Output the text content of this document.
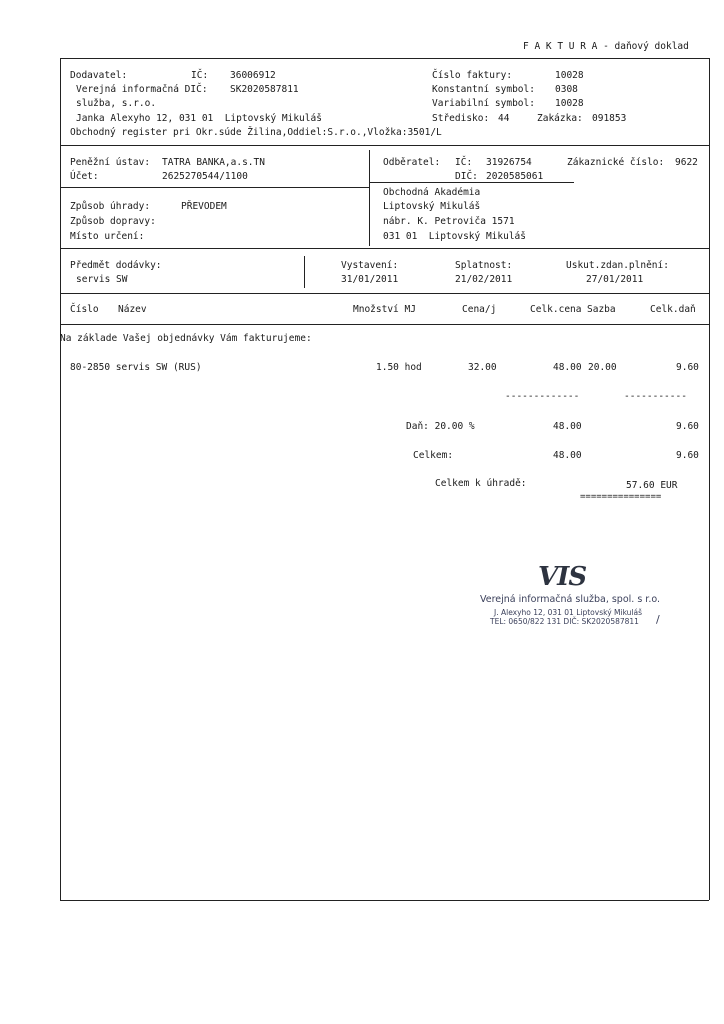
F A K T U R A - daňový doklad
Dodavatel:	IČ: 36006912
Verejná informačná DIČ: SK2020587811
služba, s.r.o.
Janka Alexyho 12, 031 01  Liptovský Mikuláš
Obchodný register pri Okr.súde Žilina,Oddiel:S.r.o.,Vložka:3501/L
Číslo faktury:	10028
Konstantní symbol: 0308
Variabilní symbol: 10028
Středisko: 44	Zakázka: 091853
Peněžní ústav: TATRA BANKA,a.s.TN
Účet:	2625270544/1100
Odběratel: IČ: 31926754	Zákaznické číslo: 9622
DIČ: 2020585061
Obchodná Akadémia
Liptovský Mikuláš
nábr. K. Petroviča 1571
031 01  Liptovský Mikuláš
Způsob úhrady:	PŘEVODEM
Způsob dopravy:
Místo určení:
Předmět dodávky:
servis SW
Vystavení:
31/01/2011
Splatnost:
21/02/2011
Uskut.zdan.plnění:
27/01/2011
Číslo Název	Množství MJ	Cena/j	Celk.cena Sazba	Celk.daň
Na základe Vašej objednávky Vám fakturujeme:
80-2850 servis SW (RUS)	1.50 hod	32.00	48.00 20.00	9.60
-------------	-----------
Daň: 20.00 %	48.00	9.60
Celkem:	48.00	9.60
Celkem k úhradě:	57.60 EUR
===============
VIS
Verejná informačná služba, spol. s r.o.
J. Alexyho 12, 031 01 Liptovský Mikuláš
TEL: 0650/822 131 DIČ: SK2020587811 /
